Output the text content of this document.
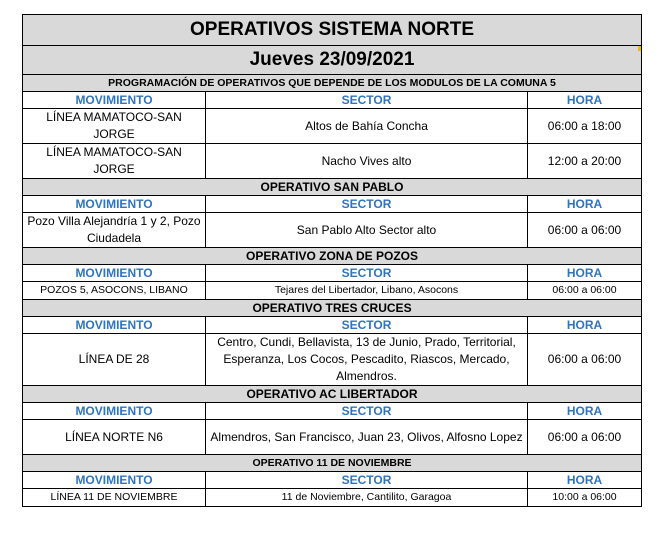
OPERATIVOS SISTEMA NORTE		
Jueves 23/09/2021		

PROGRAMACIÓN DE OPERATIVOS QUE DEPENDE DE LOS MODULOS DE LA COMUNA 5		
MOVIMIENTO	SECTOR	HORA
LÍNEA MAMATOCO-SAN JORGE	Altos de Bahía Concha	06:00 a 18:00
LÍNEA MAMATOCO-SAN JORGE	Nacho Vives alto	12:00 a 20:00
OPERATIVO SAN PABLO		
MOVIMIENTO	SECTOR	HORA
Pozo Villa Alejandría 1 y 2, Pozo Ciudadela	San Pablo Alto Sector alto	06:00 a 06:00
OPERATIVO ZONA DE POZOS		
MOVIMIENTO	SECTOR	HORA
POZOS 5, ASOCONS, LIBANO	Tejares del Libertador, Libano, Asocons	06:00 a 06:00
OPERATIVO TRES CRUCES		
MOVIMIENTO	SECTOR	HORA
LÍNEA DE 28	Centro, Cundi, Bellavista, 13 de Junio, Prado, Territorial, Esperanza, Los Cocos, Pescadito, Riascos, Mercado, Almendros.	06:00 a 06:00
OPERATIVO AC LIBERTADOR		
MOVIMIENTO	SECTOR	HORA
LÍNEA NORTE N6	Almendros, San Francisco, Juan 23, Olivos, Alfosno Lopez	06:00 a 06:00
OPERATIVO 11 DE NOVIEMBRE		
MOVIMIENTO	SECTOR	HORA
LÍNEA 11 DE NOVIEMBRE	11 de Noviembre, Cantilito, Garagoa	10:00 a 06:00
